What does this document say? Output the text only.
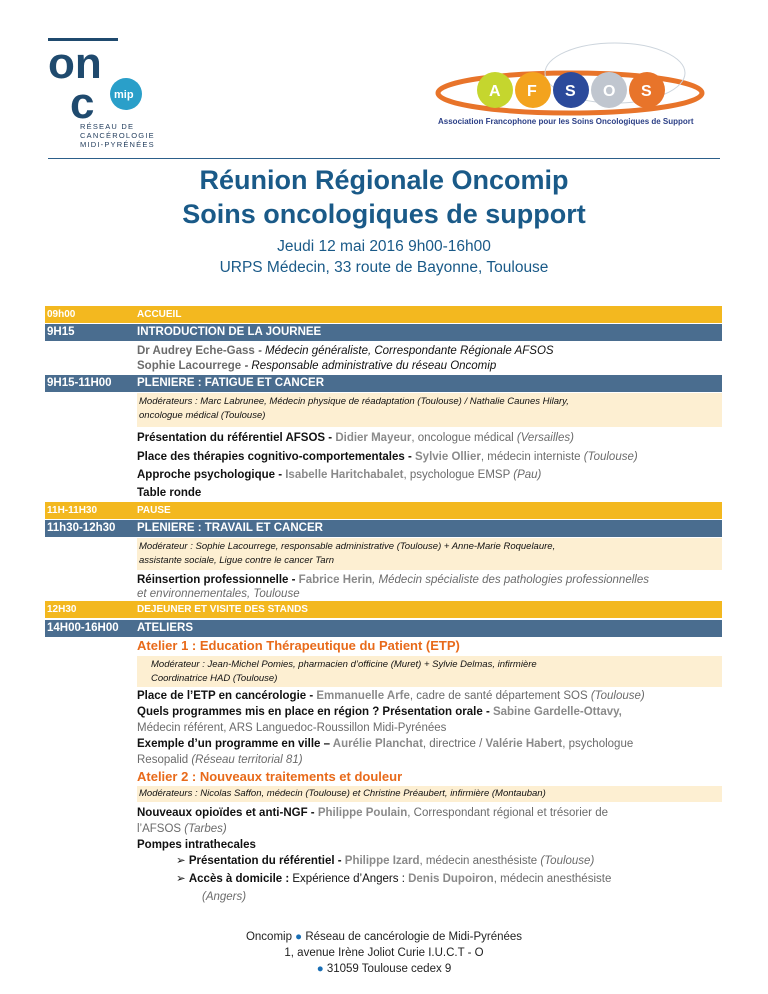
on
c mip
RÉSEAU DE
CANCÉROLOGIE
MIDI-PYRÉNÉES
A F S O S
Association Francophone pour les Soins Oncologiques de Support
Réunion Régionale Oncomip
Soins oncologiques de support
Jeudi 12 mai 2016 9h00-16h00
URPS Médecin, 33 route de Bayonne, Toulouse
09h00	ACCUEIL
9H15	INTRODUCTION DE LA JOURNEE
Dr Audrey Eche-Gass - Médecin généraliste, Correspondante Régionale AFSOS
Sophie Lacourrege - Responsable administrative du réseau Oncomip
9H15-11H00 PLENIERE : FATIGUE ET CANCER
Modérateurs : Marc Labrunee, Médecin physique de réadaptation (Toulouse) / Nathalie Caunes Hilary,
oncologue médical (Toulouse)
Présentation du référentiel AFSOS - Didier Mayeur, oncologue médical (Versailles)
Place des thérapies cognitivo-comportementales - Sylvie Ollier, médecin interniste (Toulouse)
Approche psychologique - Isabelle Haritchabalet, psychologue EMSP (Pau)
Table ronde
11H-11H30	PAUSE
11h30-12h30 PLENIERE : TRAVAIL ET CANCER
Modérateur : Sophie Lacourrege, responsable administrative (Toulouse) + Anne-Marie Roquelaure,
assistante sociale, Ligue contre le cancer Tarn
Réinsertion professionnelle - Fabrice Herin, Médecin spécialiste des pathologies professionnelles
et environnementales, Toulouse
12H30	DEJEUNER ET VISITE DES STANDS
14H00-16H00 ATELIERS
Atelier 1 : Education Thérapeutique du Patient (ETP)
Modérateur : Jean-Michel Pomies, pharmacien d’officine (Muret) + Sylvie Delmas, infirmière
Coordinatrice HAD (Toulouse)
Place de l’ETP en cancérologie - Emmanuelle Arfe, cadre de santé département SOS (Toulouse)
Quels programmes mis en place en région ? Présentation orale - Sabine Gardelle-Ottavy,
Médecin référent, ARS Languedoc-Roussillon Midi-Pyrénées
Exemple d’un programme en ville – Aurélie Planchat, directrice / Valérie Habert, psychologue
Resopalid (Réseau territorial 81)
Atelier 2 : Nouveaux traitements et douleur
Modérateurs : Nicolas Saffon, médecin (Toulouse) et Christine Préaubert, infirmière (Montauban)
Nouveaux opioïdes et anti-NGF - Philippe Poulain, Correspondant régional et trésorier de
l’AFSOS (Tarbes)
Pompes intrathecales
➢ Présentation du référentiel - Philippe Izard, médecin anesthésiste (Toulouse)
➢ Accès à domicile : Expérience d’Angers : Denis Dupoiron, médecin anesthésiste
(Angers)
Oncomip ● Réseau de cancérologie de Midi-Pyrénées
1, avenue Irène Joliot Curie I.U.C.T - O
● 31059 Toulouse cedex 9
